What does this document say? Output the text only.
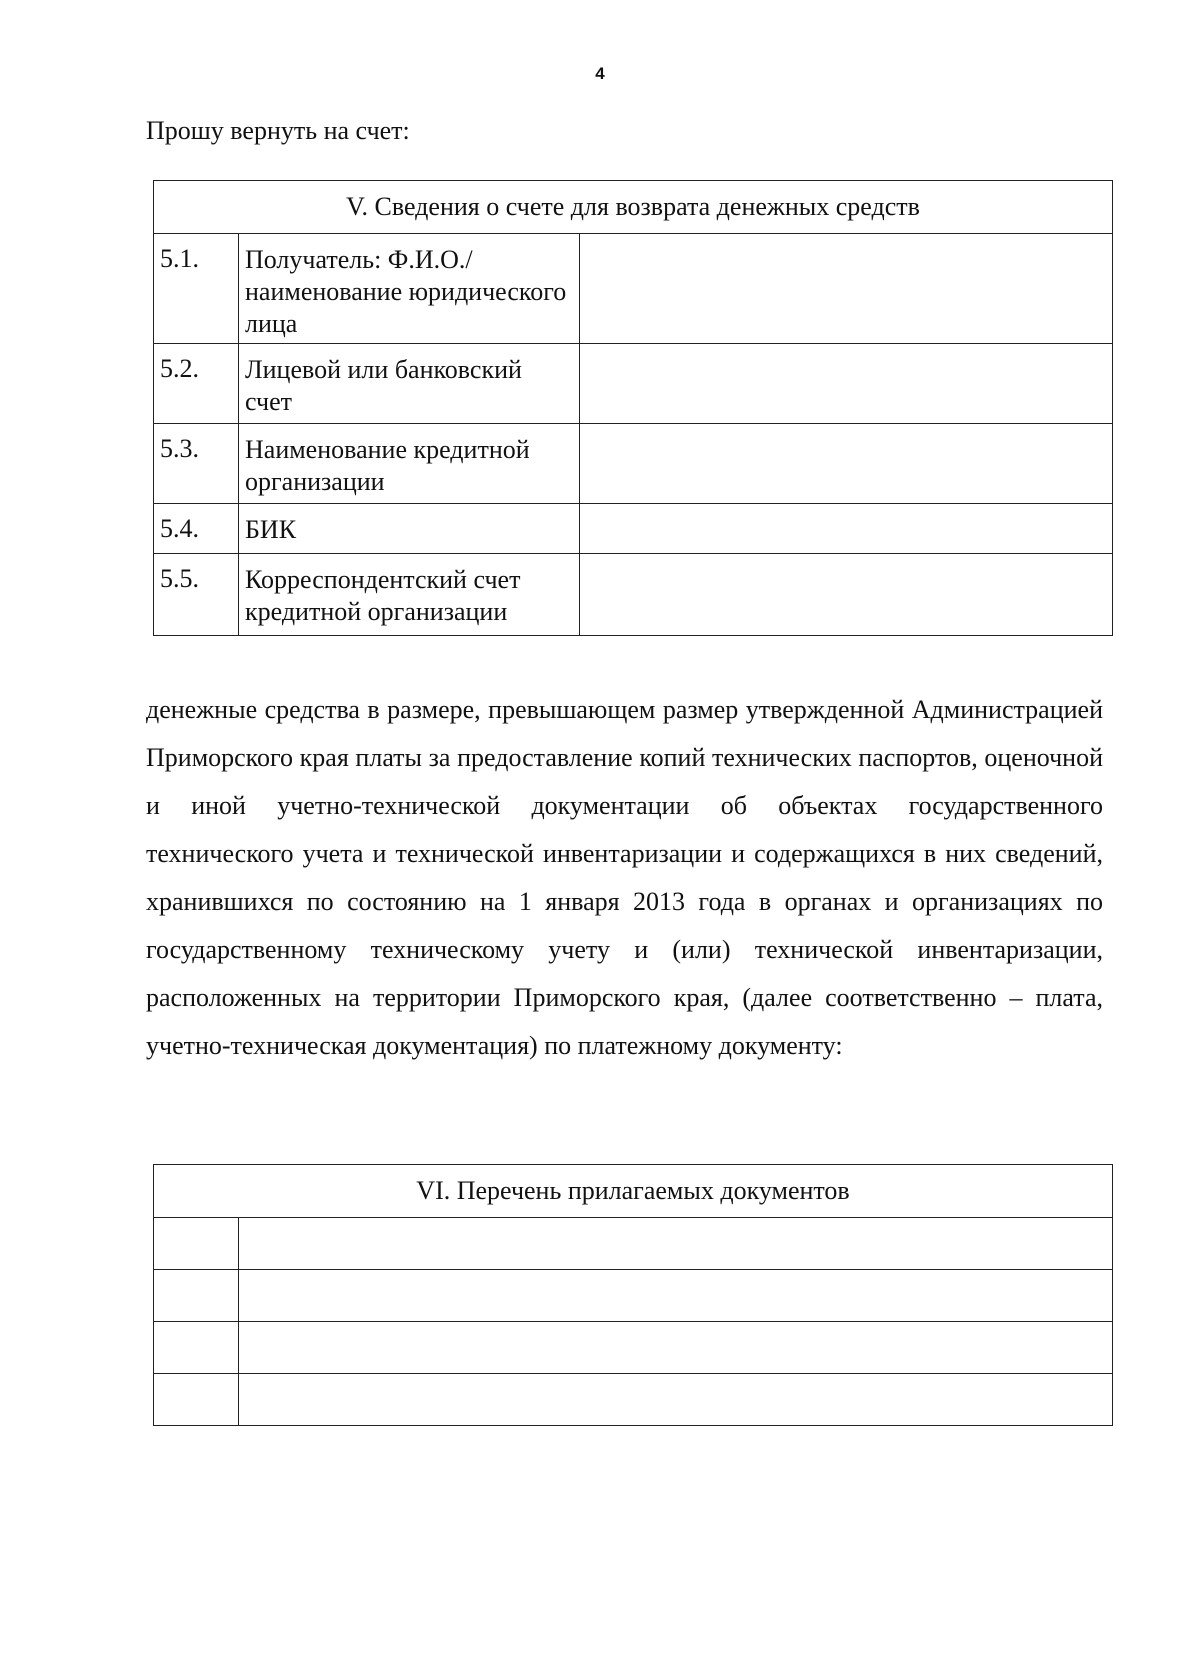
4
Прошу вернуть на счет:
V. Сведения о счете для возврата денежных средств		
5.1.	Получатель: Ф.И.О./наименование юридического лица	
5.2.	Лицевой или банковский счет	
5.3.	Наименование кредитной организации	
5.4.	БИК	
5.5.	Корреспондентский счет кредитной организации	

денежные средства в размере, превышающем размер утвержденной Администрацией Приморского края платы за предоставление копий технических паспортов, оценочной и иной учетно-технической документации об объектах государственного технического учета и технической инвентаризации и содержащихся в них сведений, хранившихся по состоянию на 1 января 2013 года в органах и организациях по государственному техническому учету и (или) технической инвентаризации, расположенных на территории Приморского края, (далее соответственно – плата, учетно-техническая документация) по платежному документу:

VI. Перечень прилагаемых документов	
